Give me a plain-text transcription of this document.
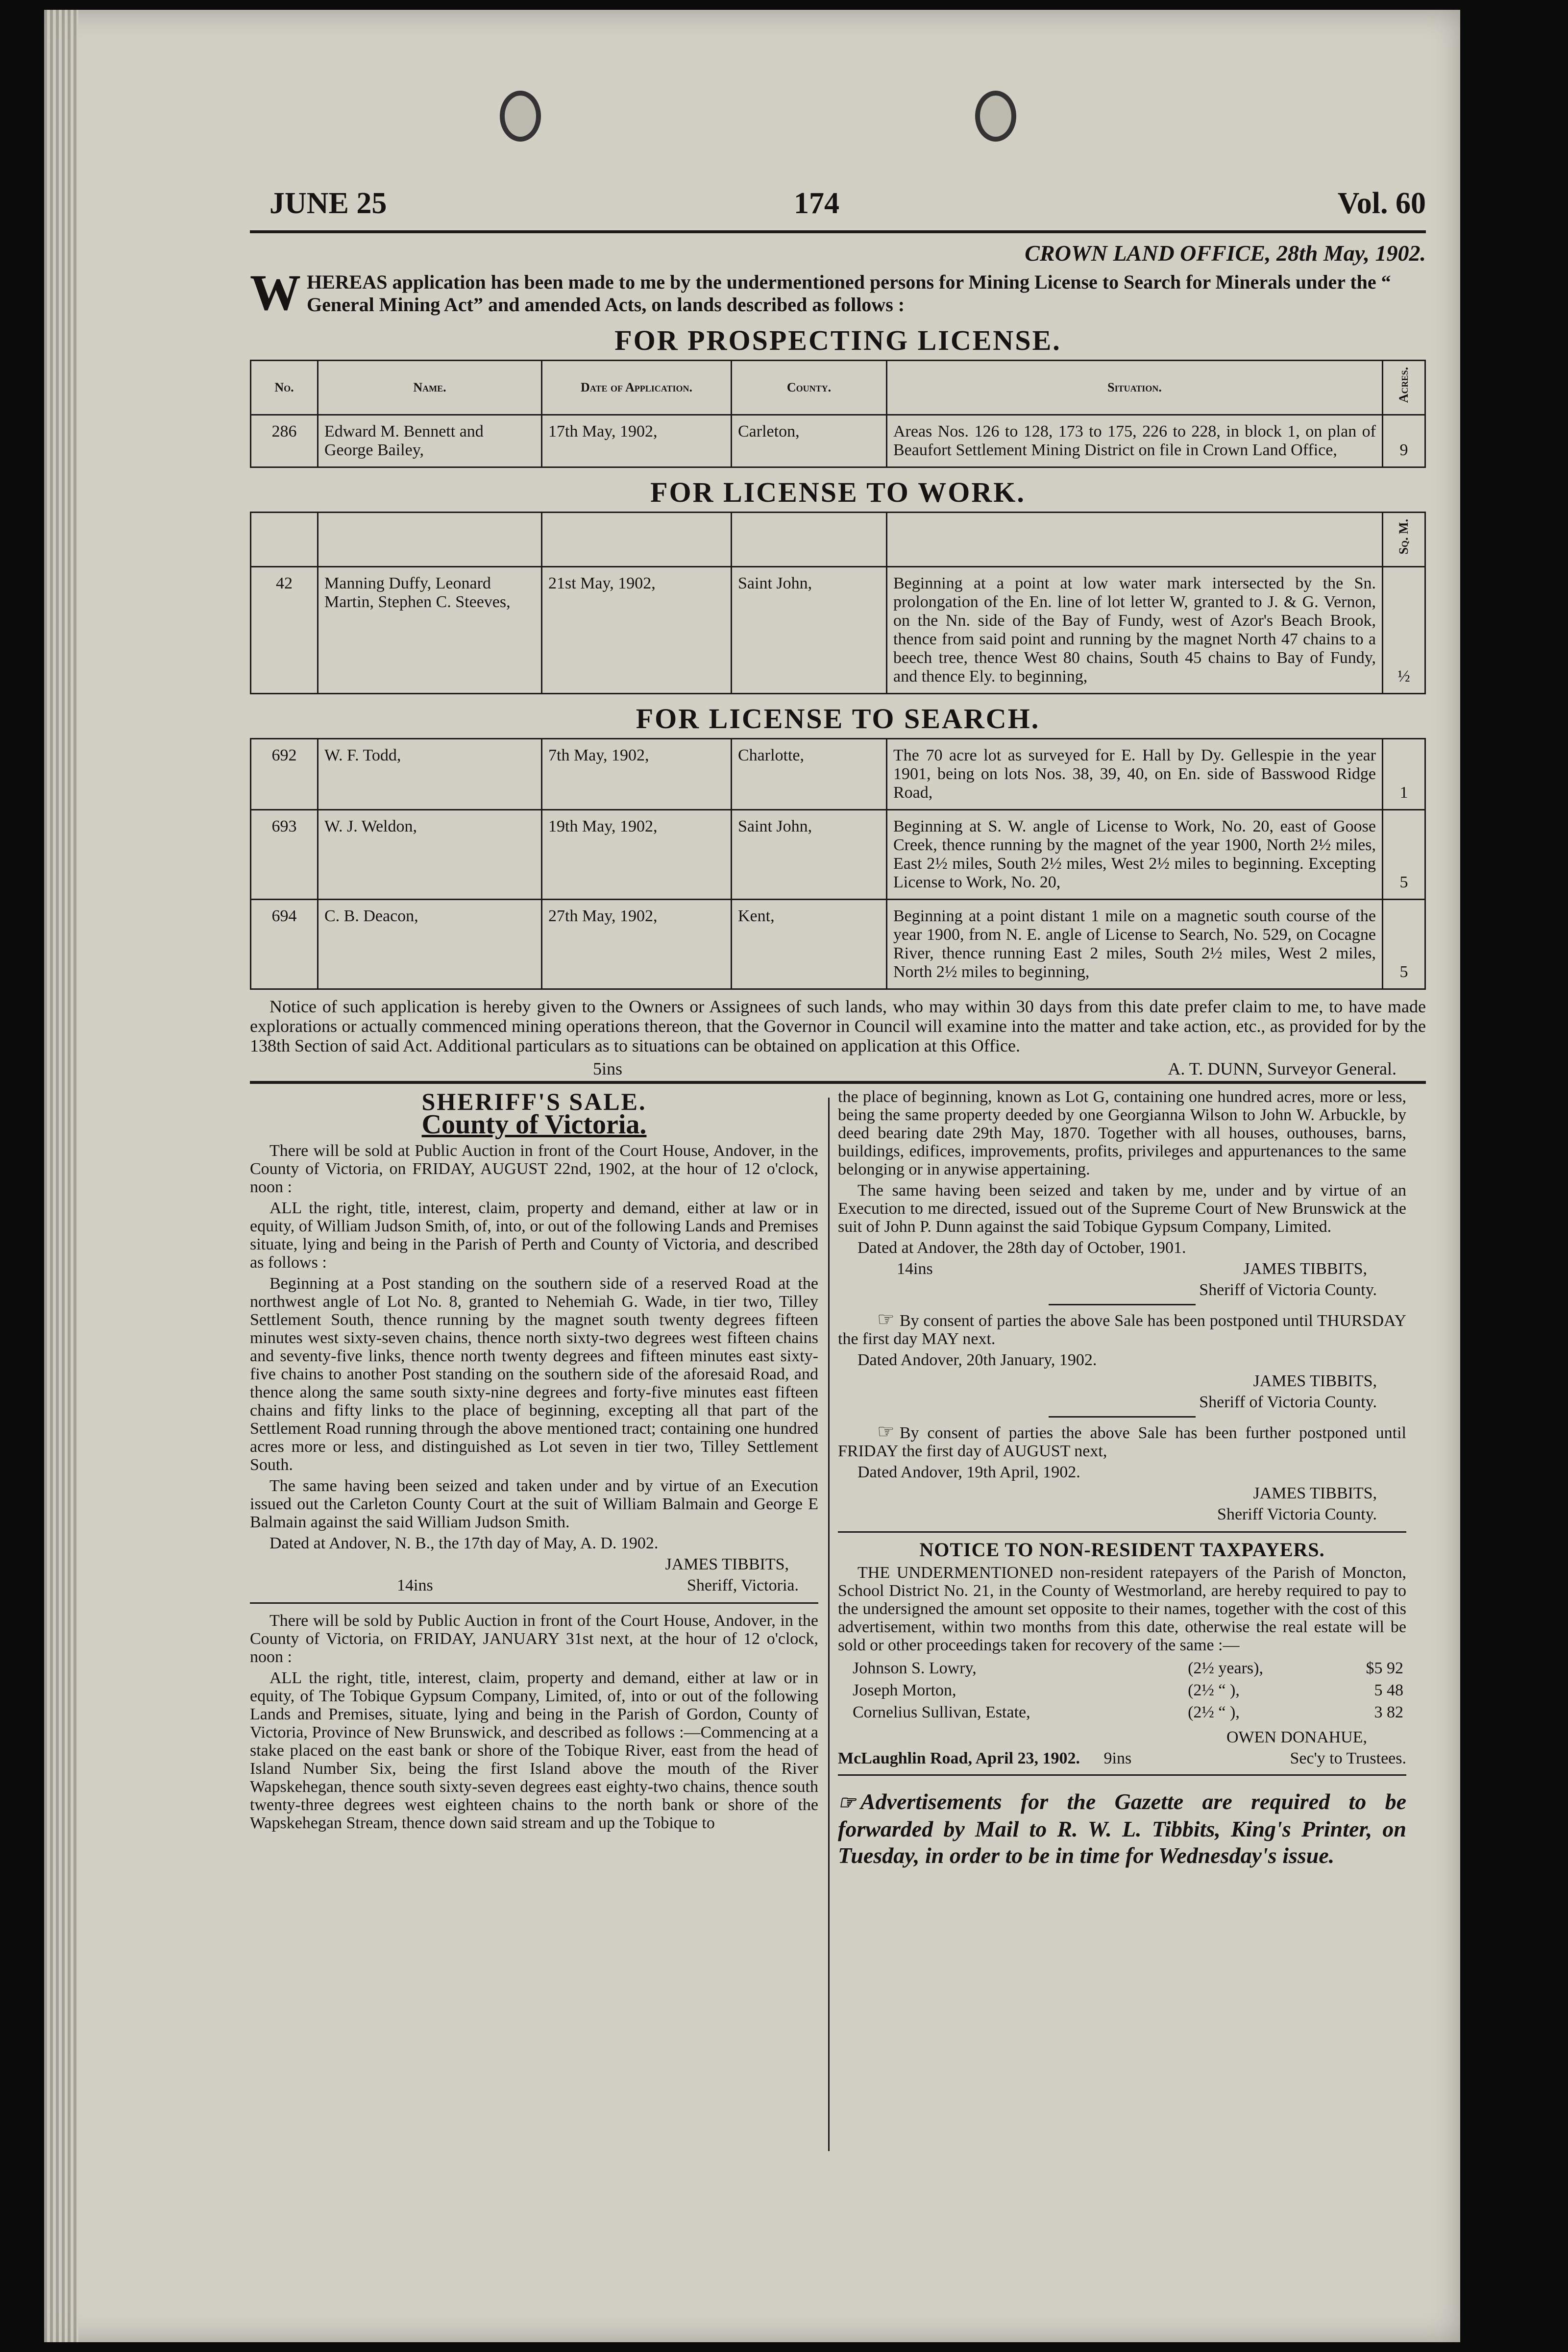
JUNE 25	174	Vol. 60
CROWN LAND OFFICE, 28th May, 1902.
W HEREAS application has been made to me by the undermentioned persons for Mining License to Search for Minerals under the “ General Mining Act” and amended Acts, on lands described as follows :
FOR PROSPECTING LICENSE.
No.	Name.	Date of Application.	County.	Situation.	Acres.
286	Edward M. Bennett and George Bailey,	17th May, 1902,	Carleton,	Areas Nos. 126 to 128, 173 to 175, 226 to 228, in block 1, on plan of Beaufort Settlement Mining District on file in Crown Land Office,	9
FOR LICENSE TO WORK.
					Sq. M.
42	Manning Duffy, Leonard Martin, Stephen C. Steeves,	21st May, 1902,	Saint John,	Beginning at a point at low water mark intersected by the Sn. prolongation of the En. line of lot letter W, granted to J. & G. Vernon, on the Nn. side of the Bay of Fundy, west of Azor's Beach Brook, thence from said point and running by the magnet North 47 chains to a beech tree, thence West 80 chains, South 45 chains to Bay of Fundy, and thence Ely. to beginning,	½
FOR LICENSE TO SEARCH.
692	W. F. Todd,	7th May, 1902,	Charlotte,	The 70 acre lot as surveyed for E. Hall by Dy. Gellespie in the year 1901, being on lots Nos. 38, 39, 40, on En. side of Basswood Ridge Road,	1
693	W. J. Weldon,	19th May, 1902,	Saint John,	Beginning at S. W. angle of License to Work, No. 20, east of Goose Creek, thence running by the magnet of the year 1900, North 2½ miles, East 2½ miles, South 2½ miles, West 2½ miles to beginning. Excepting License to Work, No. 20,	5
694	C. B. Deacon,	27th May, 1902,	Kent,	Beginning at a point distant 1 mile on a magnetic south course of the year 1900, from N. E. angle of License to Search, No. 529, on Cocagne River, thence running East 2 miles, South 2½ miles, West 2 miles, North 2½ miles to beginning,	5
Notice of such application is hereby given to the Owners or Assignees of such lands, who may within 30 days from this date prefer claim to me, to have made explorations or actually commenced mining operations thereon, that the Governor in Council will examine into the matter and take action, etc., as provided for by the 138th Section of said Act. Additional particulars as to situations can be obtained on application at this Office.
5ins	A. T. DUNN, Surveyor General.
SHERIFF'S SALE.
County of Victoria.

There will be sold at Public Auction in front of the Court House, Andover, in the County of Victoria, on FRIDAY, AUGUST 22nd, 1902, at the hour of 12 o'clock, noon :

ALL the right, title, interest, claim, property and demand, either at law or in equity, of William Judson Smith, of, into, or out of the following Lands and Premises situate, lying and being in the Parish of Perth and County of Victoria, and described as follows :

Beginning at a Post standing on the southern side of a reserved Road at the northwest angle of Lot No. 8, granted to Nehemiah G. Wade, in tier two, Tilley Settlement South, thence running by the magnet south twenty degrees fifteen minutes west sixty-seven chains, thence north sixty-two degrees west fifteen chains and seventy-five links, thence north twenty degrees and fifteen minutes east sixty-five chains to another Post standing on the southern side of the aforesaid Road, and thence along the same south sixty-nine degrees and forty-five minutes east fifteen chains and fifty links to the place of beginning, excepting all that part of the Settlement Road running through the above mentioned tract; containing one hundred acres more or less, and distinguished as Lot seven in tier two, Tilley Settlement South.

The same having been seized and taken under and by virtue of an Execution issued out the Carleton County Court at the suit of William Balmain and George E Balmain against the said William Judson Smith.

Dated at Andover, N. B., the 17th day of May, A. D. 1902.

JAMES TIBBITS,

14ins	Sheriff, Victoria.

There will be sold by Public Auction in front of the Court House, Andover, in the County of Victoria, on FRIDAY, JANUARY 31st next, at the hour of 12 o'clock, noon :

ALL the right, title, interest, claim, property and demand, either at law or in equity, of The Tobique Gypsum Company, Limited, of, into or out of the following Lands and Premises, situate, lying and being in the Parish of Gordon, County of Victoria, Province of New Brunswick, and described as follows :—Commencing at a stake placed on the east bank or shore of the Tobique River, east from the head of Island Number Six, being the first Island above the mouth of the River Wapskehegan, thence south sixty-seven degrees east eighty-two chains, thence south twenty-three degrees west eighteen chains to the north bank or shore of the Wapskehegan Stream, thence down said stream and up the Tobique to

the place of beginning, known as Lot G, containing one hundred acres, more or less, being the same property deeded by one Georgianna Wilson to John W. Arbuckle, by deed bearing date 29th May, 1870. Together with all houses, outhouses, barns, buildings, edifices, improvements, profits, privileges and appurtenances to the same belonging or in anywise appertaining.

The same having been seized and taken by me, under and by virtue of an Execution to me directed, issued out of the Supreme Court of New Brunswick at the suit of John P. Dunn against the said Tobique Gypsum Company, Limited.

Dated at Andover, the 28th day of October, 1901.

14ins	JAMES TIBBITS,

Sheriff of Victoria County.

☞ By consent of parties the above Sale has been postponed until THURSDAY the first day MAY next.

Dated Andover, 20th January, 1902.

JAMES TIBBITS,

Sheriff of Victoria County.

☞ By consent of parties the above Sale has been further postponed until FRIDAY the first day of AUGUST next,

Dated Andover, 19th April, 1902.

JAMES TIBBITS,

Sheriff Victoria County.

NOTICE TO NON-RESIDENT TAXPAYERS.

THE UNDERMENTIONED non-resident ratepayers of the Parish of Moncton, School District No. 21, in the County of Westmorland, are hereby required to pay to the undersigned the amount set opposite to their names, together with the cost of this advertisement, within two months from this date, otherwise the real estate will be sold or other proceedings taken for recovery of the same :—

Johnson S. Lowry,	(2½ years),	$5 92
Joseph Morton,	(2½ “ ),	5 48
Cornelius Sullivan, Estate,	(2½ “ ),	3 82

OWEN DONAHUE,

McLaughlin Road, April 23, 1902. 9ins	Sec'y to Trustees.

☞ Advertisements for the Gazette are required to be forwarded by Mail to R. W. L. Tibbits, King's Printer, on Tuesday, in order to be in time for Wednesday's issue.
